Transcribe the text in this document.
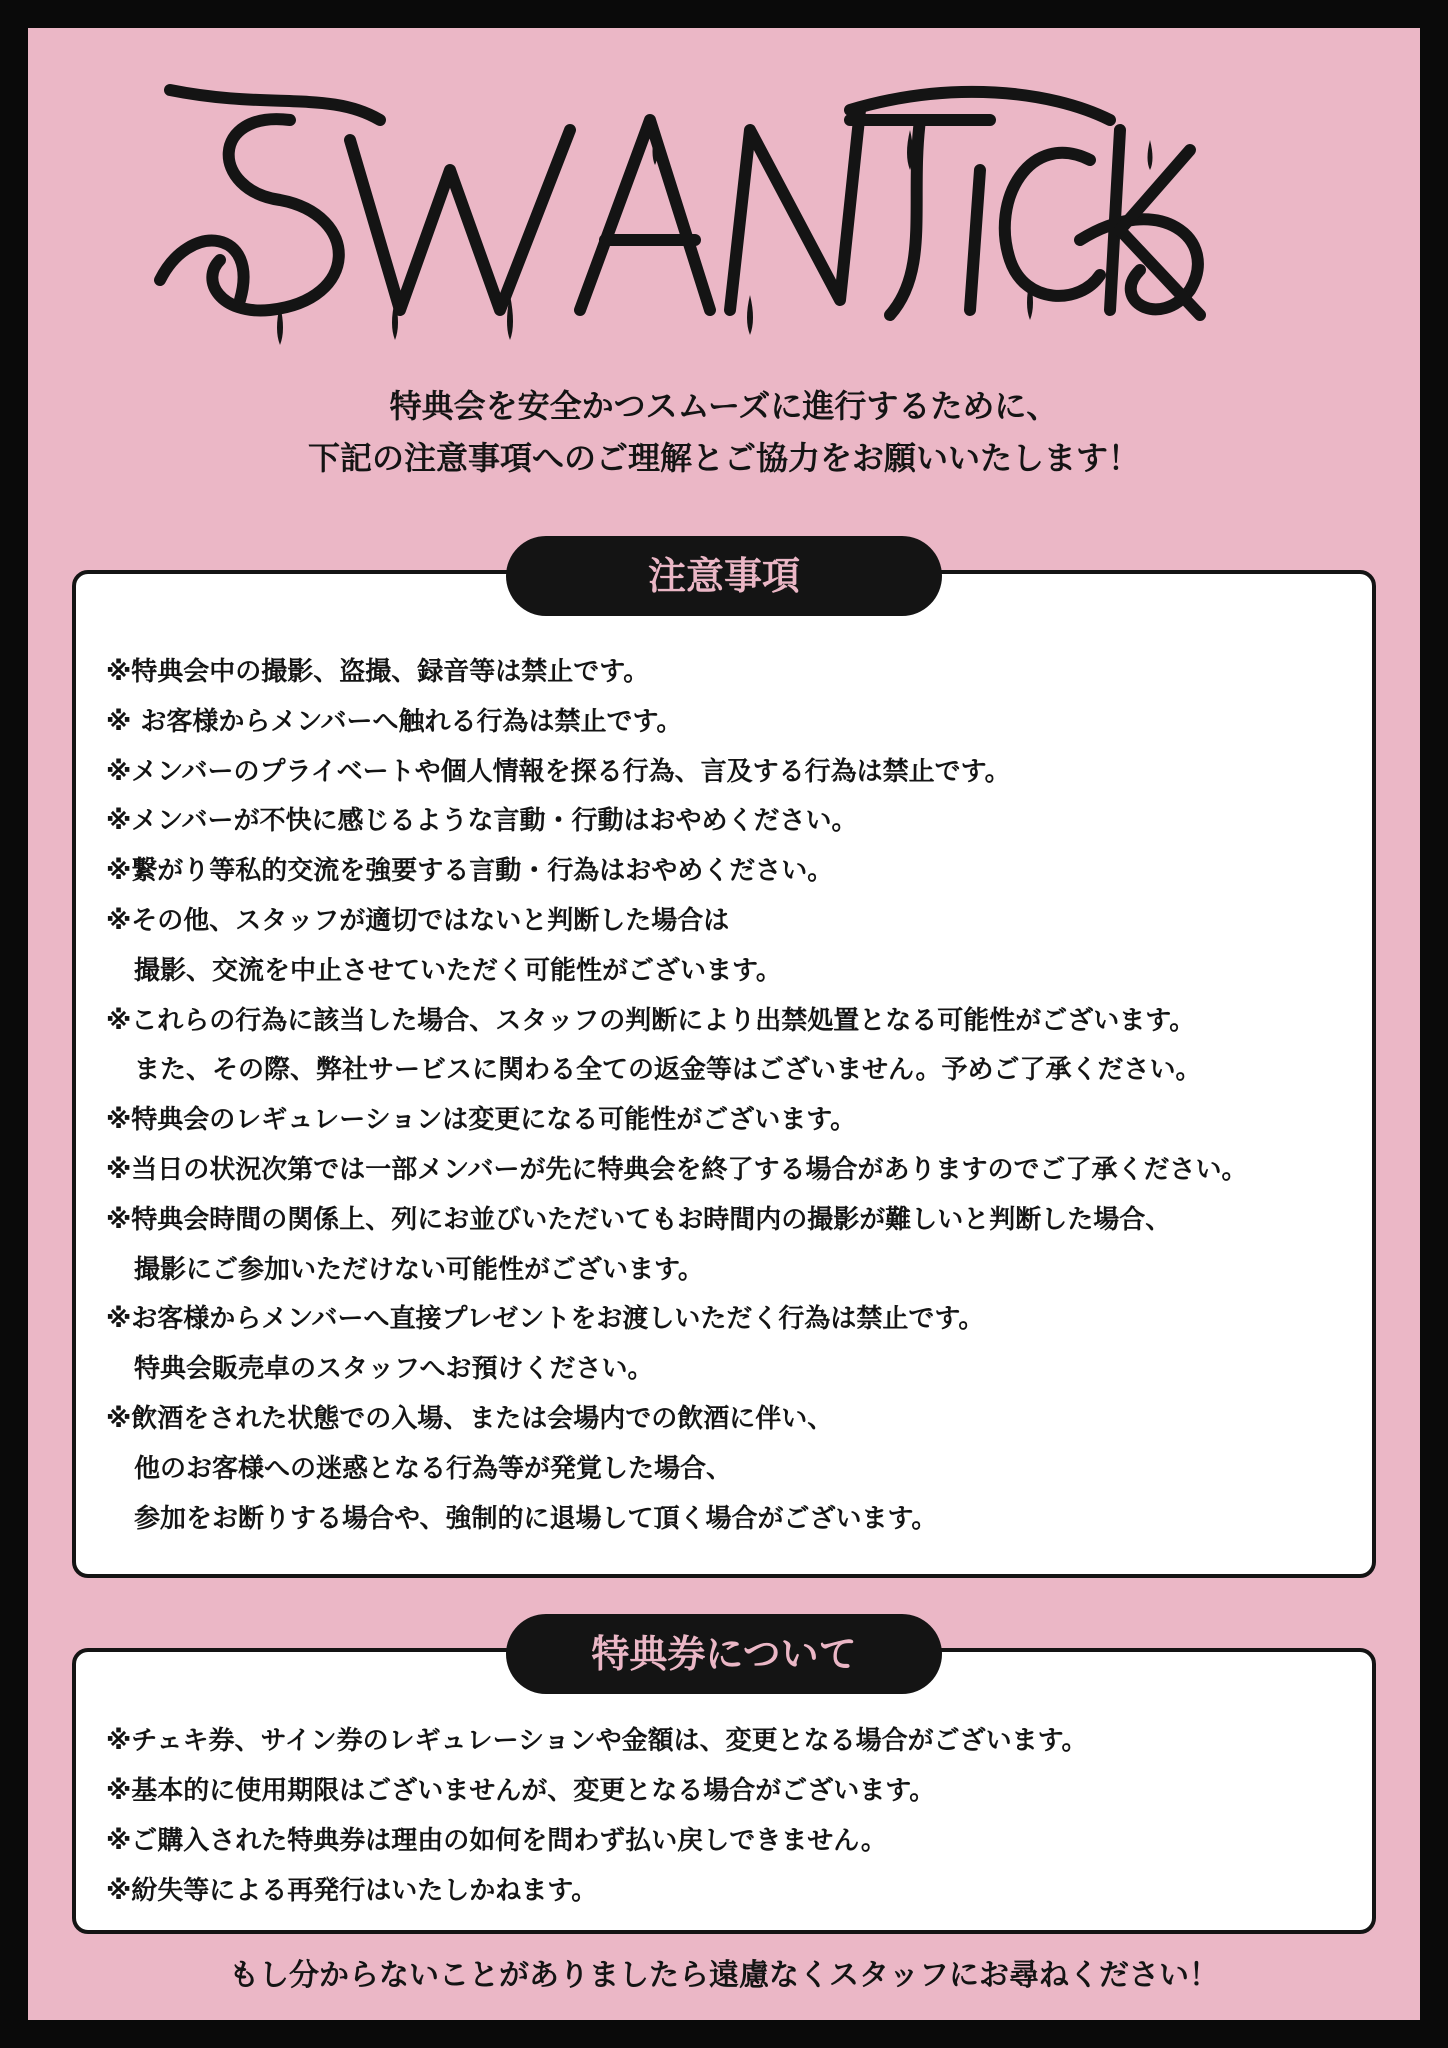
特典会を安全かつスムーズに進行するために、
下記の注意事項へのご理解とご協力をお願いいたします！
注意事項
※特典会中の撮影、盗撮、録音等は禁止です。
※ お客様からメンバーへ触れる行為は禁止です。
※メンバーのプライベートや個人情報を探る行為、言及する行為は禁止です。
※メンバーが不快に感じるような言動・行動はおやめください。
※繋がり等私的交流を強要する言動・行為はおやめください。
※その他、スタッフが適切ではないと判断した場合は
撮影、交流を中止させていただく可能性がございます。
※これらの行為に該当した場合、スタッフの判断により出禁処置となる可能性がございます。
また、その際、弊社サービスに関わる全ての返金等はございません。予めご了承ください。
※特典会のレギュレーションは変更になる可能性がございます。
※当日の状況次第では一部メンバーが先に特典会を終了する場合がありますのでご了承ください。
※特典会時間の関係上、列にお並びいただいてもお時間内の撮影が難しいと判断した場合、
撮影にご参加いただけない可能性がございます。
※お客様からメンバーへ直接プレゼントをお渡しいただく行為は禁止です。
特典会販売卓のスタッフへお預けください。
※飲酒をされた状態での入場、または会場内での飲酒に伴い、
他のお客様への迷惑となる行為等が発覚した場合、
参加をお断りする場合や、強制的に退場して頂く場合がございます。
特典券について
※チェキ券、サイン券のレギュレーションや金額は、変更となる場合がございます。
※基本的に使用期限はございませんが、変更となる場合がございます。
※ご購入された特典券は理由の如何を問わず払い戻しできません。
※紛失等による再発行はいたしかねます。
もし分からないことがありましたら遠慮なくスタッフにお尋ねください！
